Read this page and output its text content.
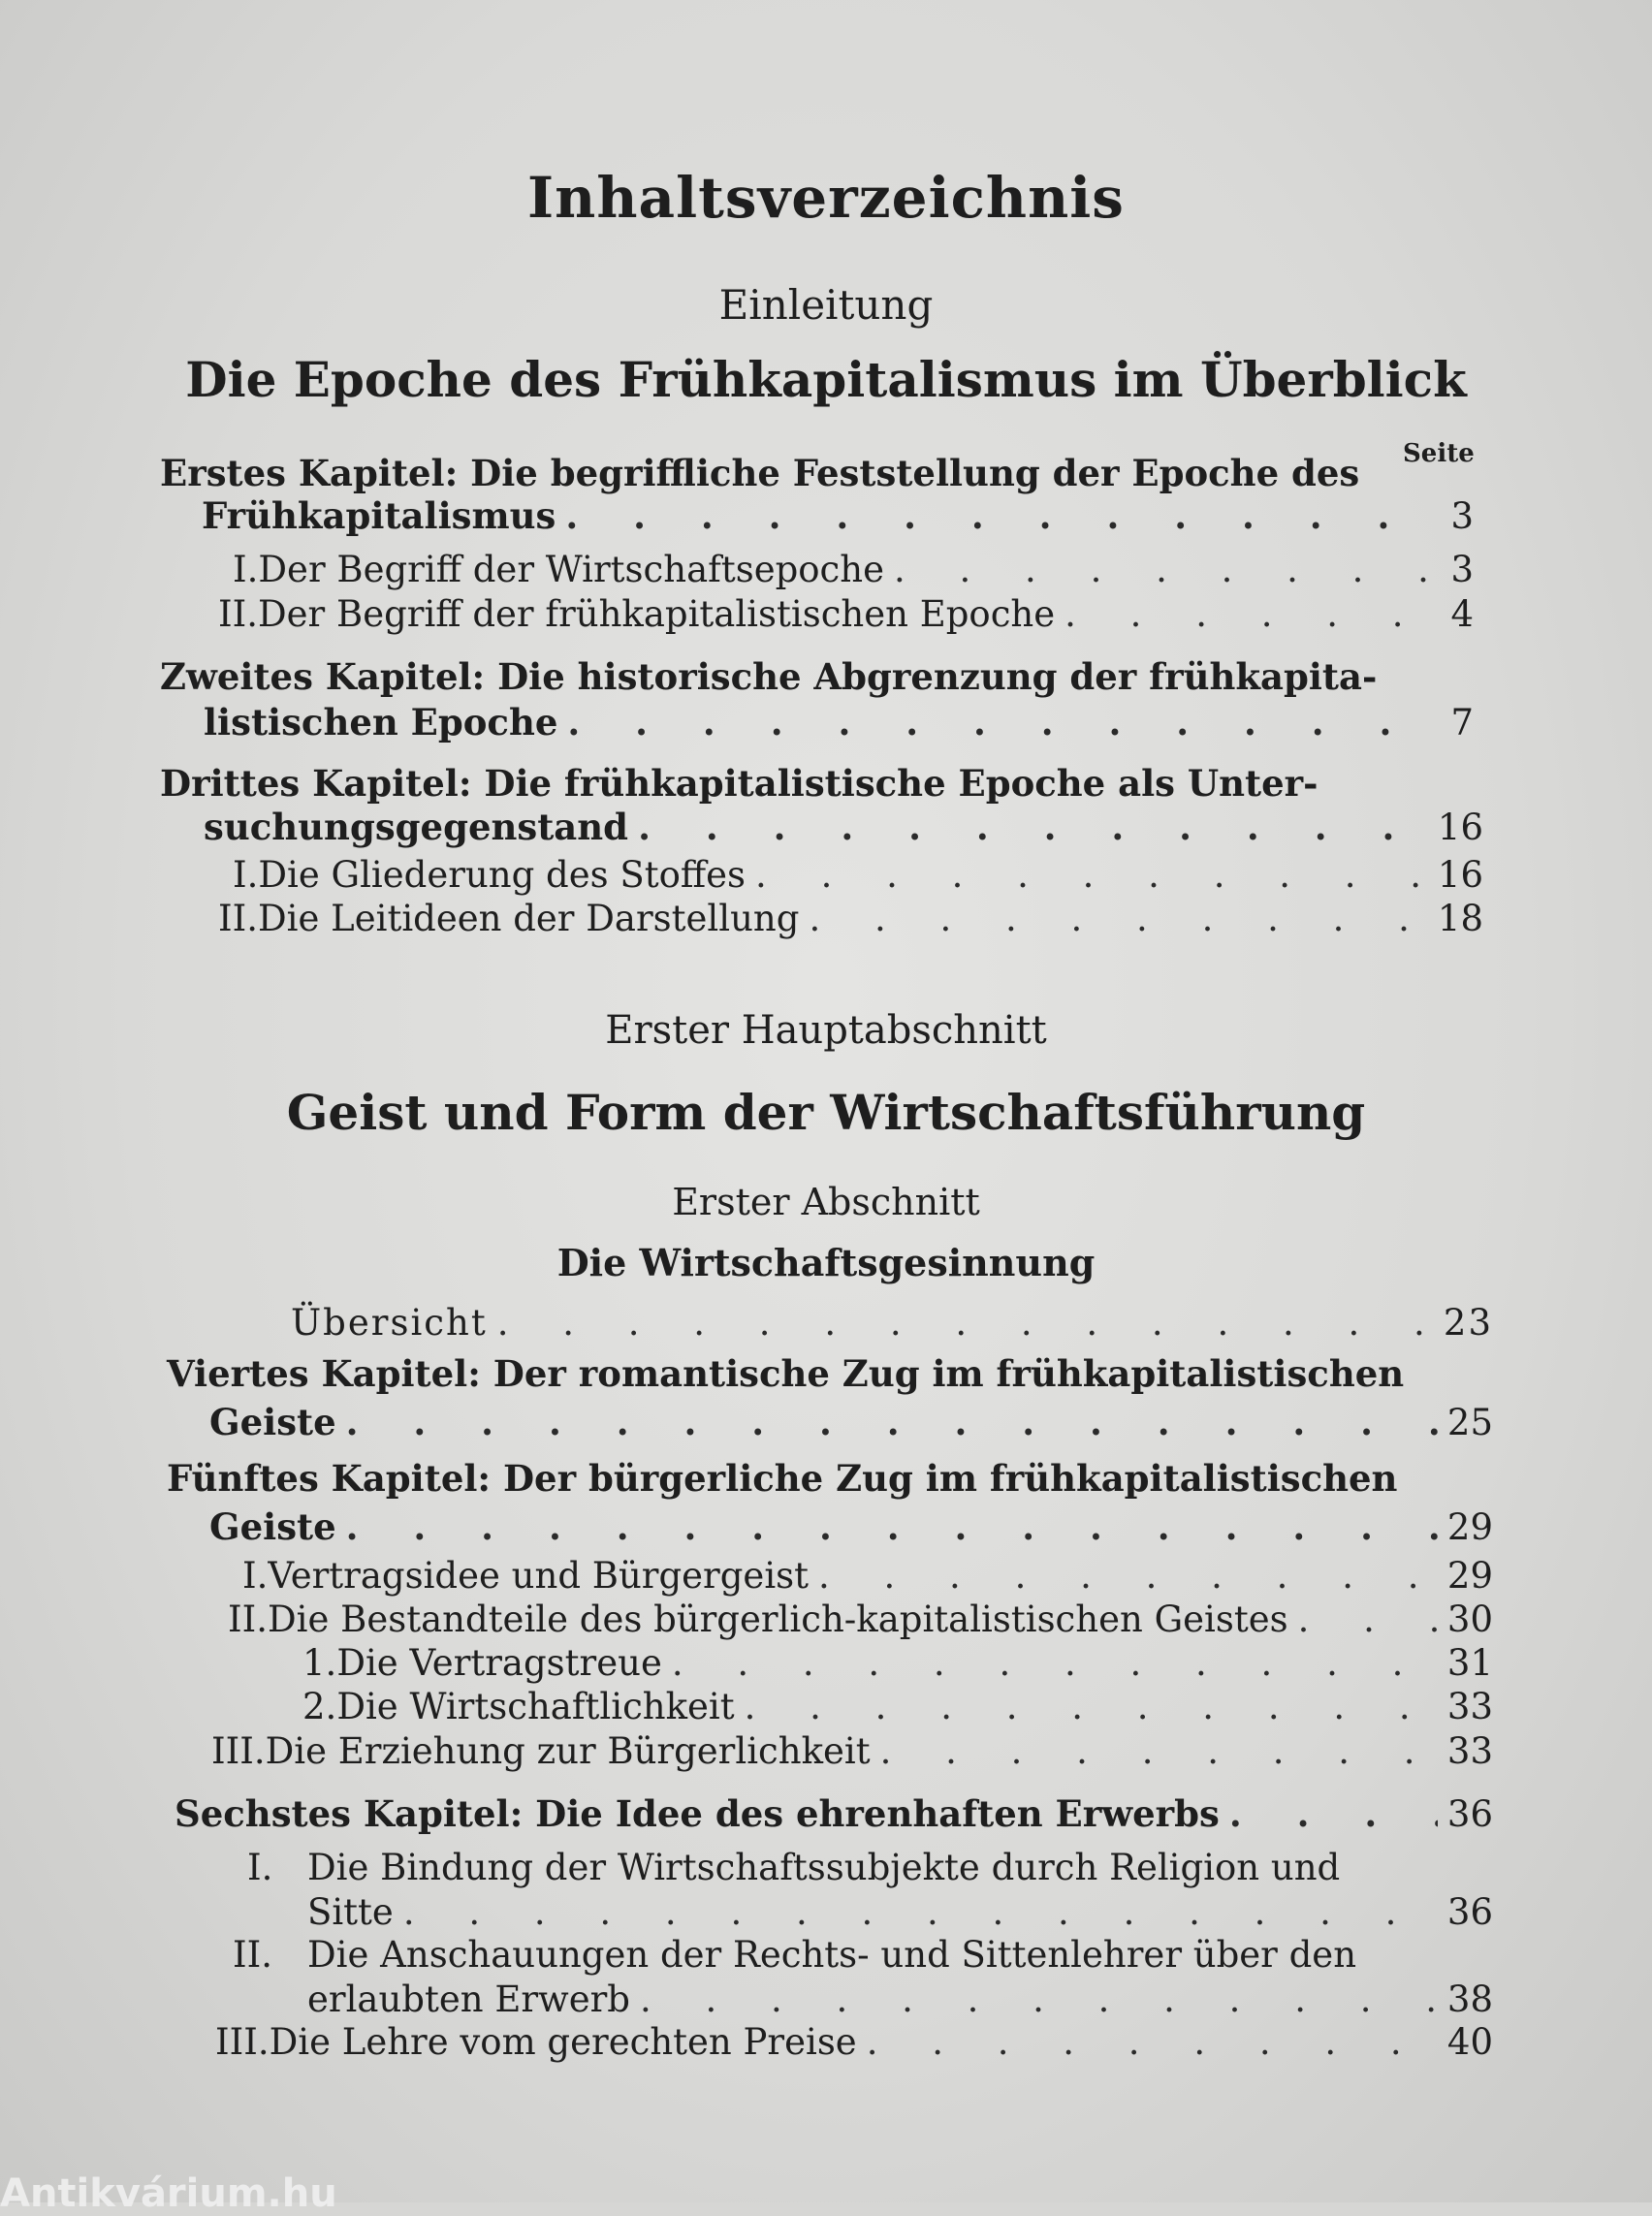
Inhaltsverzeichnis
Einleitung
Die Epoche des Frühkapitalismus im Überblick
Seite
Erstes Kapitel: Die begriffliche Feststellung der Epoche des
Frühkapitalismus . . .	3
I. Der Begriff der Wirtschaftsepoche . . .	3
II. Der Begriff der frühkapitalistischen Epoche . . .	4
Zweites Kapitel: Die historische Abgrenzung der frühkapita-
listischen Epoche . . .	7
Drittes Kapitel: Die frühkapitalistische Epoche als Unter-
suchungsgegenstand . . .	16
I. Die Gliederung des Stoffes . . .	16
II. Die Leitideen der Darstellung . . .	18
Erster Hauptabschnitt
Geist und Form der Wirtschaftsführung
Erster Abschnitt
Die Wirtschaftsgesinnung
Übersicht . . .	23
Viertes Kapitel: Der romantische Zug im frühkapitalistischen
Geiste . . .	25
Fünftes Kapitel: Der bürgerliche Zug im frühkapitalistischen
Geiste . . .	29
I. Vertragsidee und Bürgergeist . . .	29
II. Die Bestandteile des bürgerlich-kapitalistischen Geistes . . .	30
1. Die Vertragstreue . . .	31
2. Die Wirtschaftlichkeit . . .	33
III. Die Erziehung zur Bürgerlichkeit . . .	33
Sechstes Kapitel: Die Idee des ehrenhaften Erwerbs . . .	36
I. Die Bindung der Wirtschaftssubjekte durch Religion und
Sitte . . .	36
II. Die Anschauungen der Rechts- und Sittenlehrer über den
erlaubten Erwerb . . .	38
III. Die Lehre vom gerechten Preise . . .	40
Antikvárium.hu
